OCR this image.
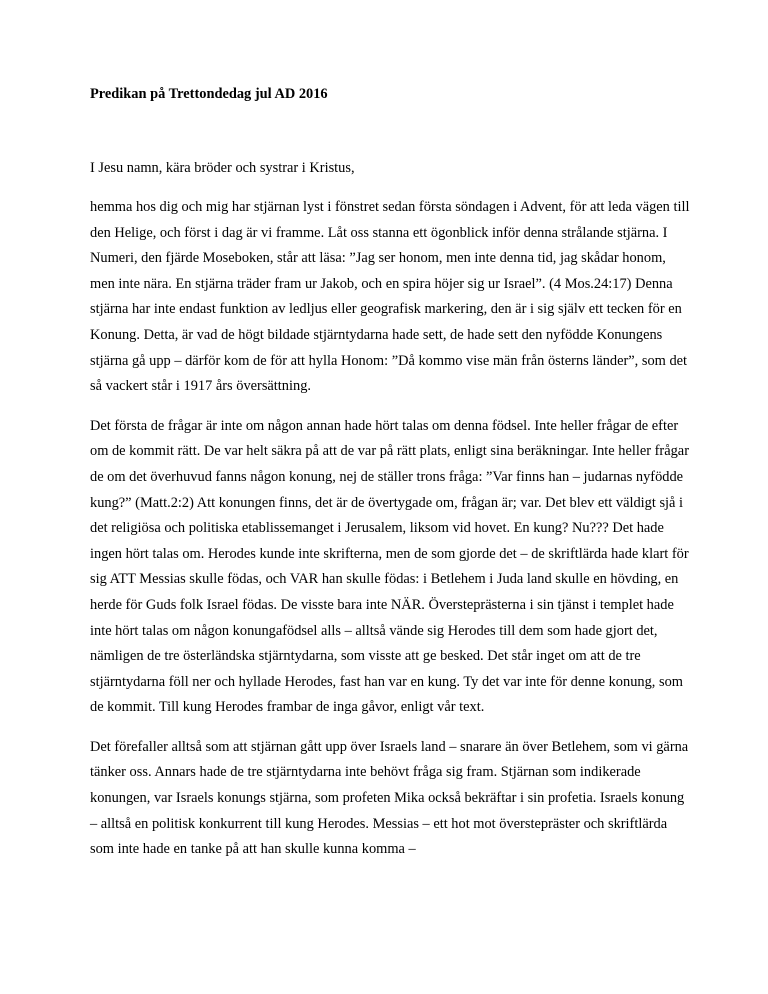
Predikan på Trettondedag jul AD 2016

I Jesu namn, kära bröder och systrar i Kristus,

hemma hos dig och mig har stjärnan lyst i fönstret sedan första söndagen i Advent, för att leda vägen till den Helige, och först i dag är vi framme. Låt oss stanna ett ögonblick inför denna strålande stjärna. I Numeri, den fjärde Moseboken, står att läsa: ”Jag ser honom, men inte denna tid, jag skådar honom, men inte nära. En stjärna träder fram ur Jakob, och en spira höjer sig ur Israel”. (4 Mos.24:17) Denna stjärna har inte endast funktion av ledljus eller geografisk markering, den är i sig själv ett tecken för en Konung. Detta, är vad de högt bildade stjärntydarna hade sett, de hade sett den nyfödde Konungens stjärna gå upp – därför kom de för att hylla Honom: ”Då kommo vise män från österns länder”, som det så vackert står i 1917 års översättning.

Det första de frågar är inte om någon annan hade hört talas om denna födsel. Inte heller frågar de efter om de kommit rätt. De var helt säkra på att de var på rätt plats, enligt sina beräkningar. Inte heller frågar de om det överhuvud fanns någon konung, nej de ställer trons fråga: ”Var finns han – judarnas nyfödde kung?” (Matt.2:2) Att konungen finns, det är de övertygade om, frågan är; var. Det blev ett väldigt sjå i det religiösa och politiska etablissemanget i Jerusalem, liksom vid hovet. En kung? Nu??? Det hade ingen hört talas om. Herodes kunde inte skrifterna, men de som gjorde det – de skriftlärda hade klart för sig ATT Messias skulle födas, och VAR han skulle födas: i Betlehem i Juda land skulle en hövding, en herde för Guds folk Israel födas. De visste bara inte NÄR. Översteprästerna i sin tjänst i templet hade inte hört talas om någon konungafödsel alls – alltså vände sig Herodes till dem som hade gjort det, nämligen de tre österländska stjärntydarna, som visste att ge besked. Det står inget om att de tre stjärntydarna föll ner och hyllade Herodes, fast han var en kung. Ty det var inte för denne konung, som de kommit. Till kung Herodes frambar de inga gåvor, enligt vår text.

Det förefaller alltså som att stjärnan gått upp över Israels land – snarare än över Betlehem, som vi gärna tänker oss. Annars hade de tre stjärntydarna inte behövt fråga sig fram. Stjärnan som indikerade konungen, var Israels konungs stjärna, som profeten Mika också bekräftar i sin profetia. Israels konung – alltså en politisk konkurrent till kung Herodes. Messias – ett hot mot överstepräster och skriftlärda som inte hade en tanke på att han skulle kunna komma –
